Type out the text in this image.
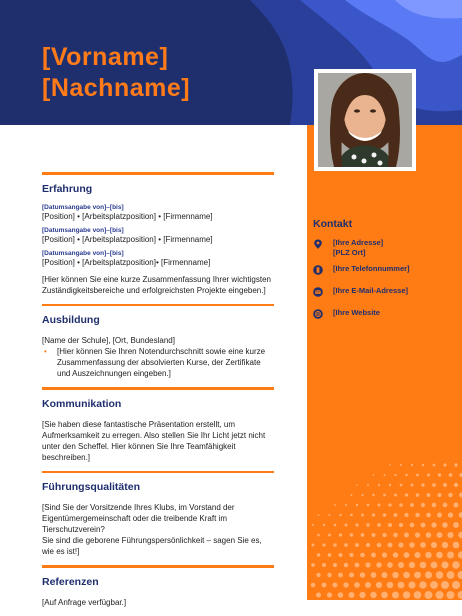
[Vorname]
[Nachname]
Kontakt
[Ihre Adresse]
[PLZ Ort]
[Ihre Telefonnummer]
[Ihre E-Mail-Adresse]
[Ihre Website
Erfahrung
[Datumsangabe von]–[bis]
[Position] • [Arbeitsplatzposition] • [Firmenname]
[Datumsangabe von]–[bis]
[Position] • [Arbeitsplatzposition] • [Firmenname]
[Datumsangabe von]–[bis]
[Position] • [Arbeitsplatzposition]• [Firmenname]
[Hier können Sie eine kurze Zusammenfassung Ihrer wichtigsten Zuständigkeitsbereiche und erfolgreichsten Projekte eingeben.]
Ausbildung
[Name der Schule], [Ort, Bundesland]
•	[Hier können Sie Ihren Notendurchschnitt sowie eine kurze Zusammenfassung der absolvierten Kurse, der Zertifikate und Auszeichnungen eingeben.]
Kommunikation
[Sie haben diese fantastische Präsentation erstellt, um Aufmerksamkeit zu erregen. Also stellen Sie Ihr Licht jetzt nicht unter den Scheffel. Hier können Sie Ihre Teamfähigkeit beschreiben.]
Führungsqualitäten
[Sind Sie der Vorsitzende Ihres Klubs, im Vorstand der Eigentümergemeinschaft oder die treibende Kraft im Tierschutzverein?
Sie sind die geborene Führungspersönlichkeit – sagen Sie es, wie es ist!]
Referenzen
[Auf Anfrage verfügbar.]
